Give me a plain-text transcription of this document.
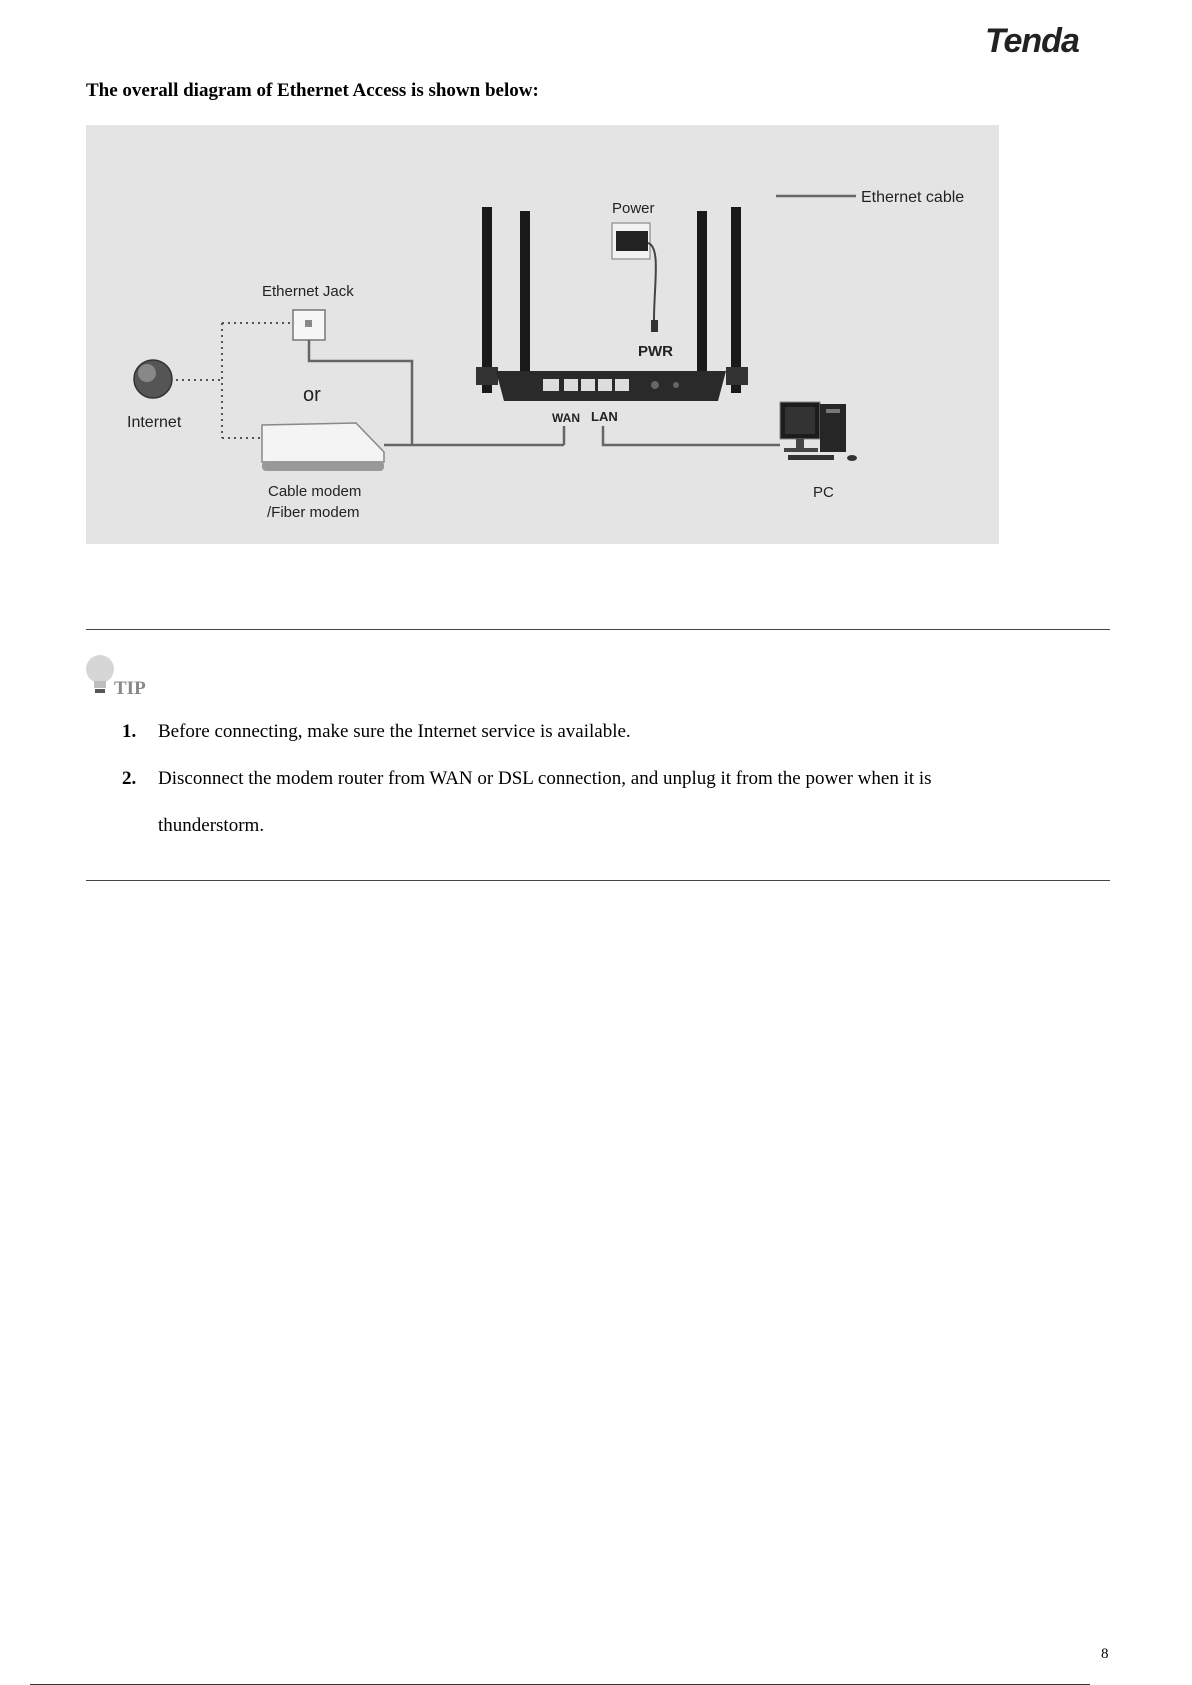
Tenda
The overall diagram of Ethernet Access is shown below:
Ethernet cable
Internet
Ethernet Jack
or
Cable modem
/Fiber modem
Power
PWR
WAN LAN
PC
TIP
1. Before connecting, make sure the Internet service is available.
2. Disconnect the modem router from WAN or DSL connection, and unplug it from the power when it is
thunderstorm.
8
